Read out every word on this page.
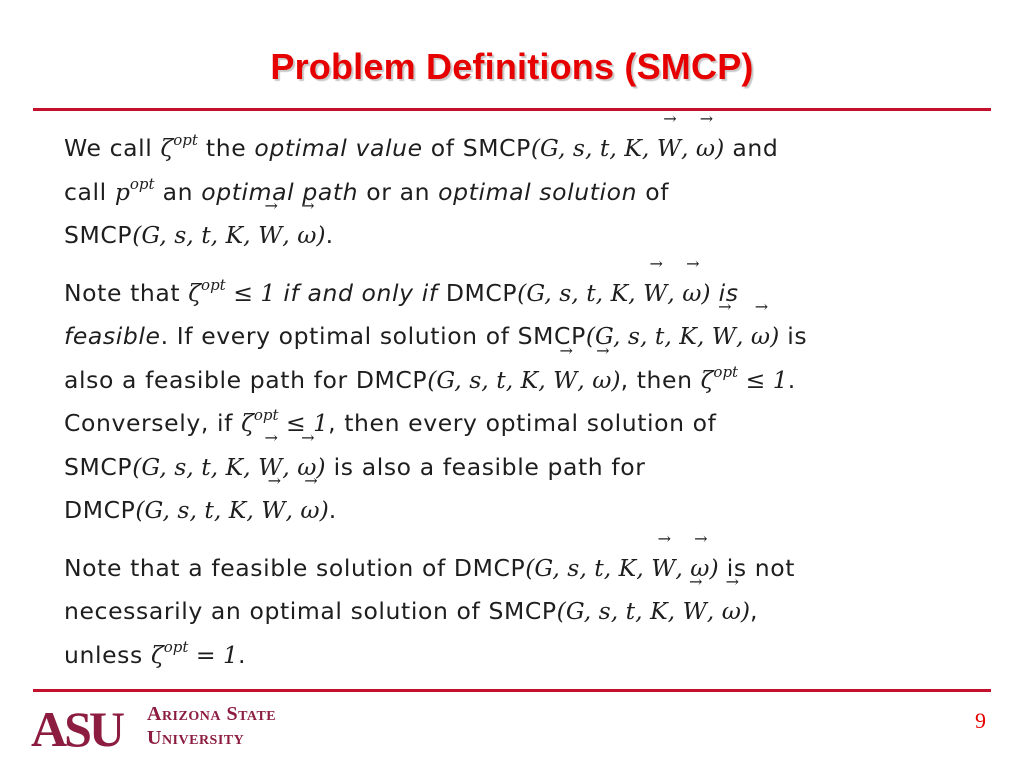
Problem Definitions (SMCP)

We call $\zeta^{opt}$ the optimal value of SMCP(G, s, t, K, → W, → ω) and
call $p^{opt}$ an optimal path or an optimal solution of
SMCP(G, s, t, K, → W, → ω).

Note that $\zeta^{opt} \le 1$ if and only if DMCP(G, s, t, K, → W, → ω) is
feasible. If every optimal solution of SMCP(G, s, t, K, → W, → ω) is
also a feasible path for DMCP(G, s, t, K, → W, → ω), then $\zeta^{opt} \le 1$.
Conversely, if $\zeta^{opt} \le 1$, then every optimal solution of
SMCP(G, s, t, K, → W, → ω) is also a feasible path for
DMCP(G, s, t, K, → W, → ω).

Note that a feasible solution of DMCP(G, s, t, K, → W, → ω) is not
necessarily an optimal solution of SMCP(G, s, t, K, → W, → ω),
unless $\zeta^{opt} = 1$.

ASU Arizona State
University
9
